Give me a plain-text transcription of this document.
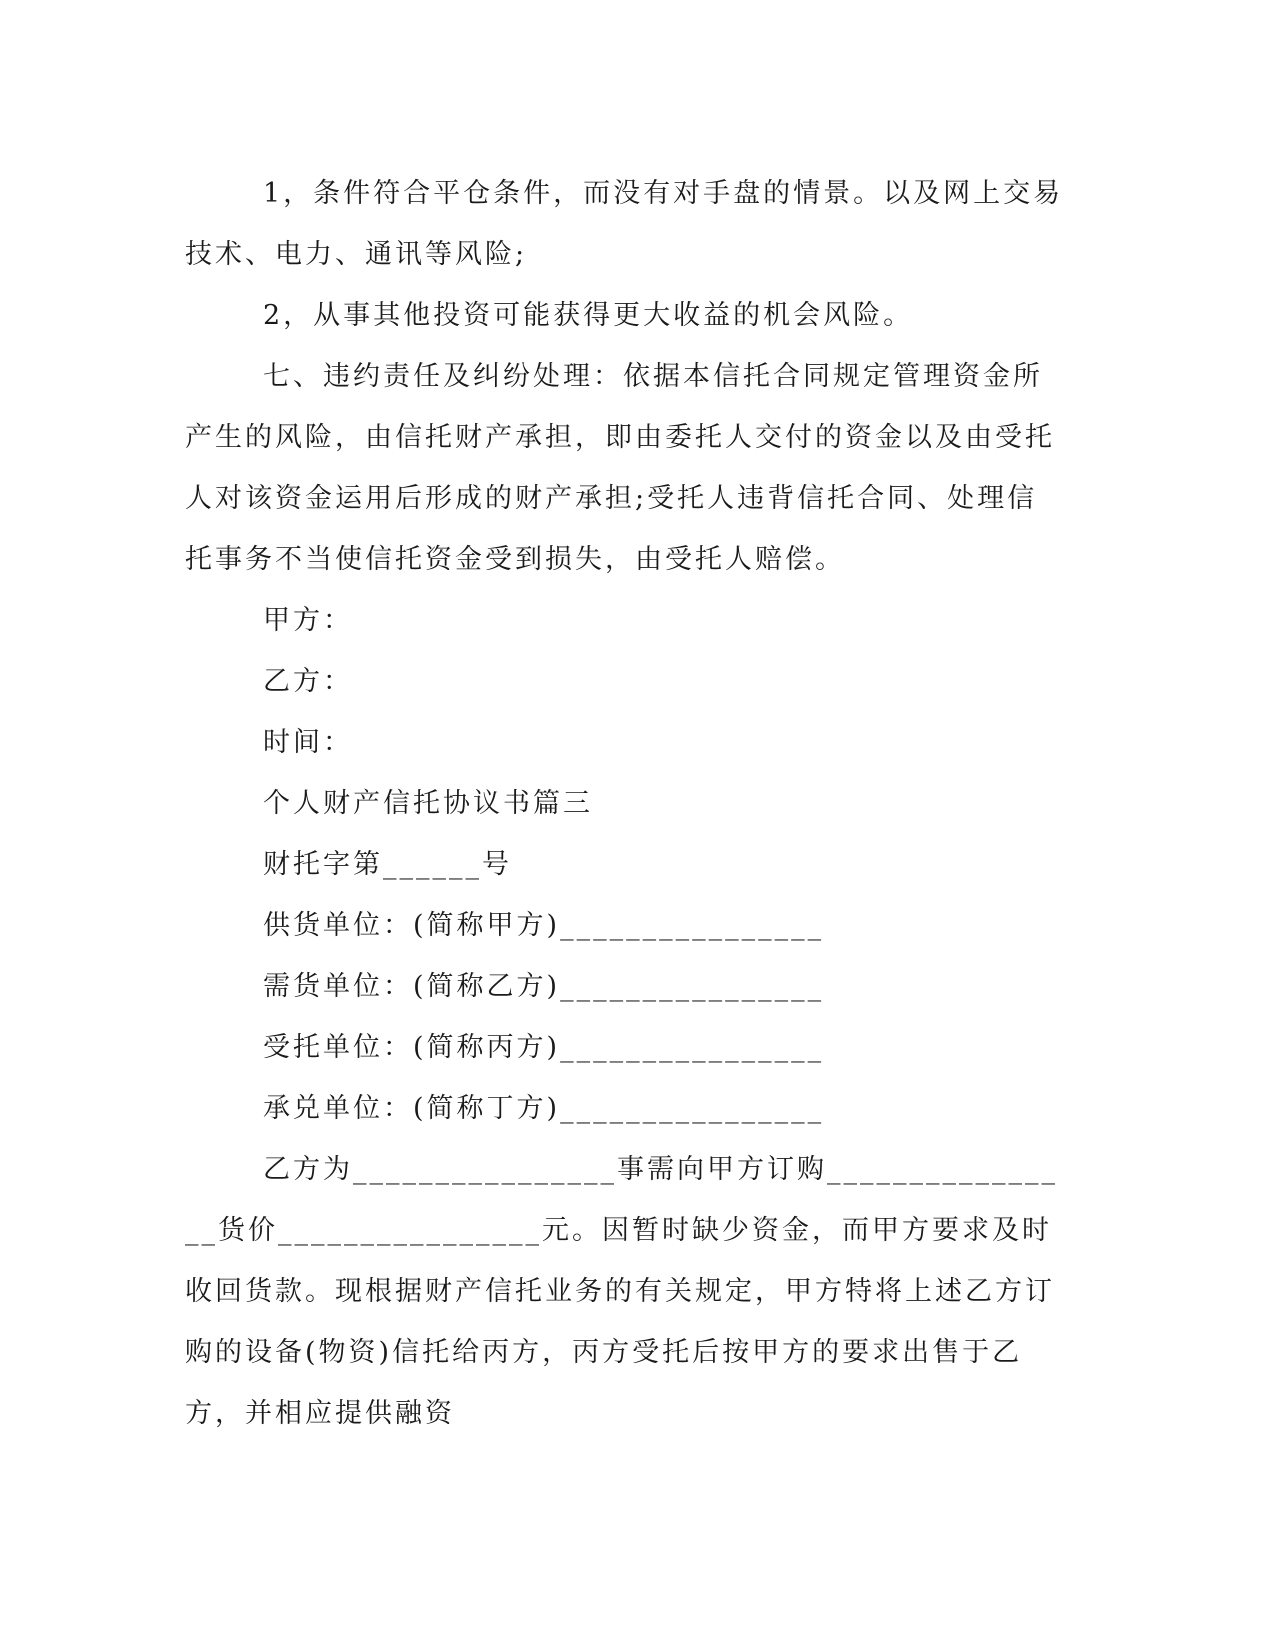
1，条件符合平仓条件，而没有对手盘的情景。以及网上交易技术、电力、通讯等风险;

2，从事其他投资可能获得更大收益的机会风险。

七、违约责任及纠纷处理：依据本信托合同规定管理资金所产生的风险，由信托财产承担，即由委托人交付的资金以及由受托人对该资金运用后形成的财产承担;受托人违背信托合同、处理信托事务不当使信托资金受到损失，由受托人赔偿。

甲方：

乙方：

时间：

个人财产信托协议书篇三

财托字第______号

供货单位：(简称甲方)________________

需货单位：(简称乙方)________________

受托单位：(简称丙方)________________

承兑单位：(简称丁方)________________

乙方为________________事需向甲方订购________________货价________________元。因暂时缺少资金，而甲方要求及时收回货款。现根据财产信托业务的有关规定，甲方特将上述乙方订购的设备(物资)信托给丙方，丙方受托后按甲方的要求出售于乙方，并相应提供融资
